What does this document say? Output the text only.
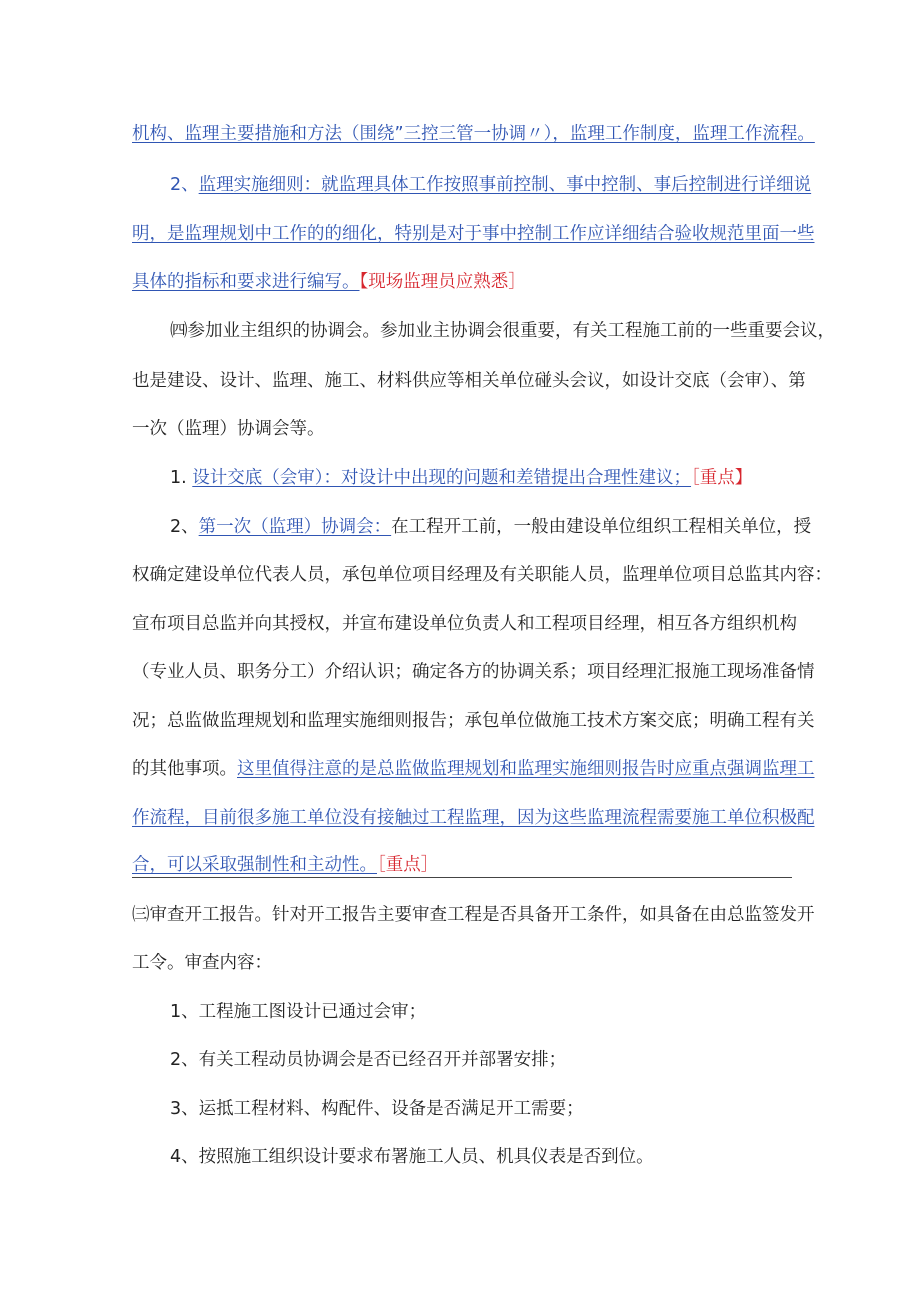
机构、监理主要措施和方法（围绕”三控三管一协调〃），监理工作制度，监理工作流程。
2、监理实施细则：就监理具体工作按照事前控制、事中控制、事后控制进行详细说
明，是监理规划中工作的的细化，特别是对于事中控制工作应详细结合验收规范里面一些
具体的指标和要求进行编写。【现场监理员应熟悉］
㈣参加业主组织的协调会。参加业主协调会很重要，有关工程施工前的一些重要会议，
也是建设、设计、监理、施工、材料供应等相关单位碰头会议，如设计交底（会审）、第
一次（监理）协调会等。
1. 设计交底（会审）：对设计中出现的问题和差错提出合理性建议；［重点】
2、第一次（监理）协调会：在工程开工前，一般由建设单位组织工程相关单位，授
权确定建设单位代表人员，承包单位项目经理及有关职能人员，监理单位项目总监其内容：
宣布项目总监并向其授权，并宣布建设单位负责人和工程项目经理，相互各方组织机构
（专业人员、职务分工）介绍认识；确定各方的协调关系；项目经理汇报施工现场准备情
况；总监做监理规划和监理实施细则报告；承包单位做施工技术方案交底；明确工程有关
的其他事项。这里值得注意的是总监做监理规划和监理实施细则报告时应重点强调监理工
作流程，目前很多施工单位没有接触过工程监理，因为这些监理流程需要施工单位积极配
合，可以采取强制性和主动性。［重点］
㈢审查开工报告。针对开工报告主要审查工程是否具备开工条件，如具备在由总监签发开
工令。审查内容：
1、工程施工图设计已通过会审；
2、有关工程动员协调会是否已经召开并部署安排；
3、运抵工程材料、构配件、设备是否满足开工需要；
4、按照施工组织设计要求布署施工人员、机具仪表是否到位。
